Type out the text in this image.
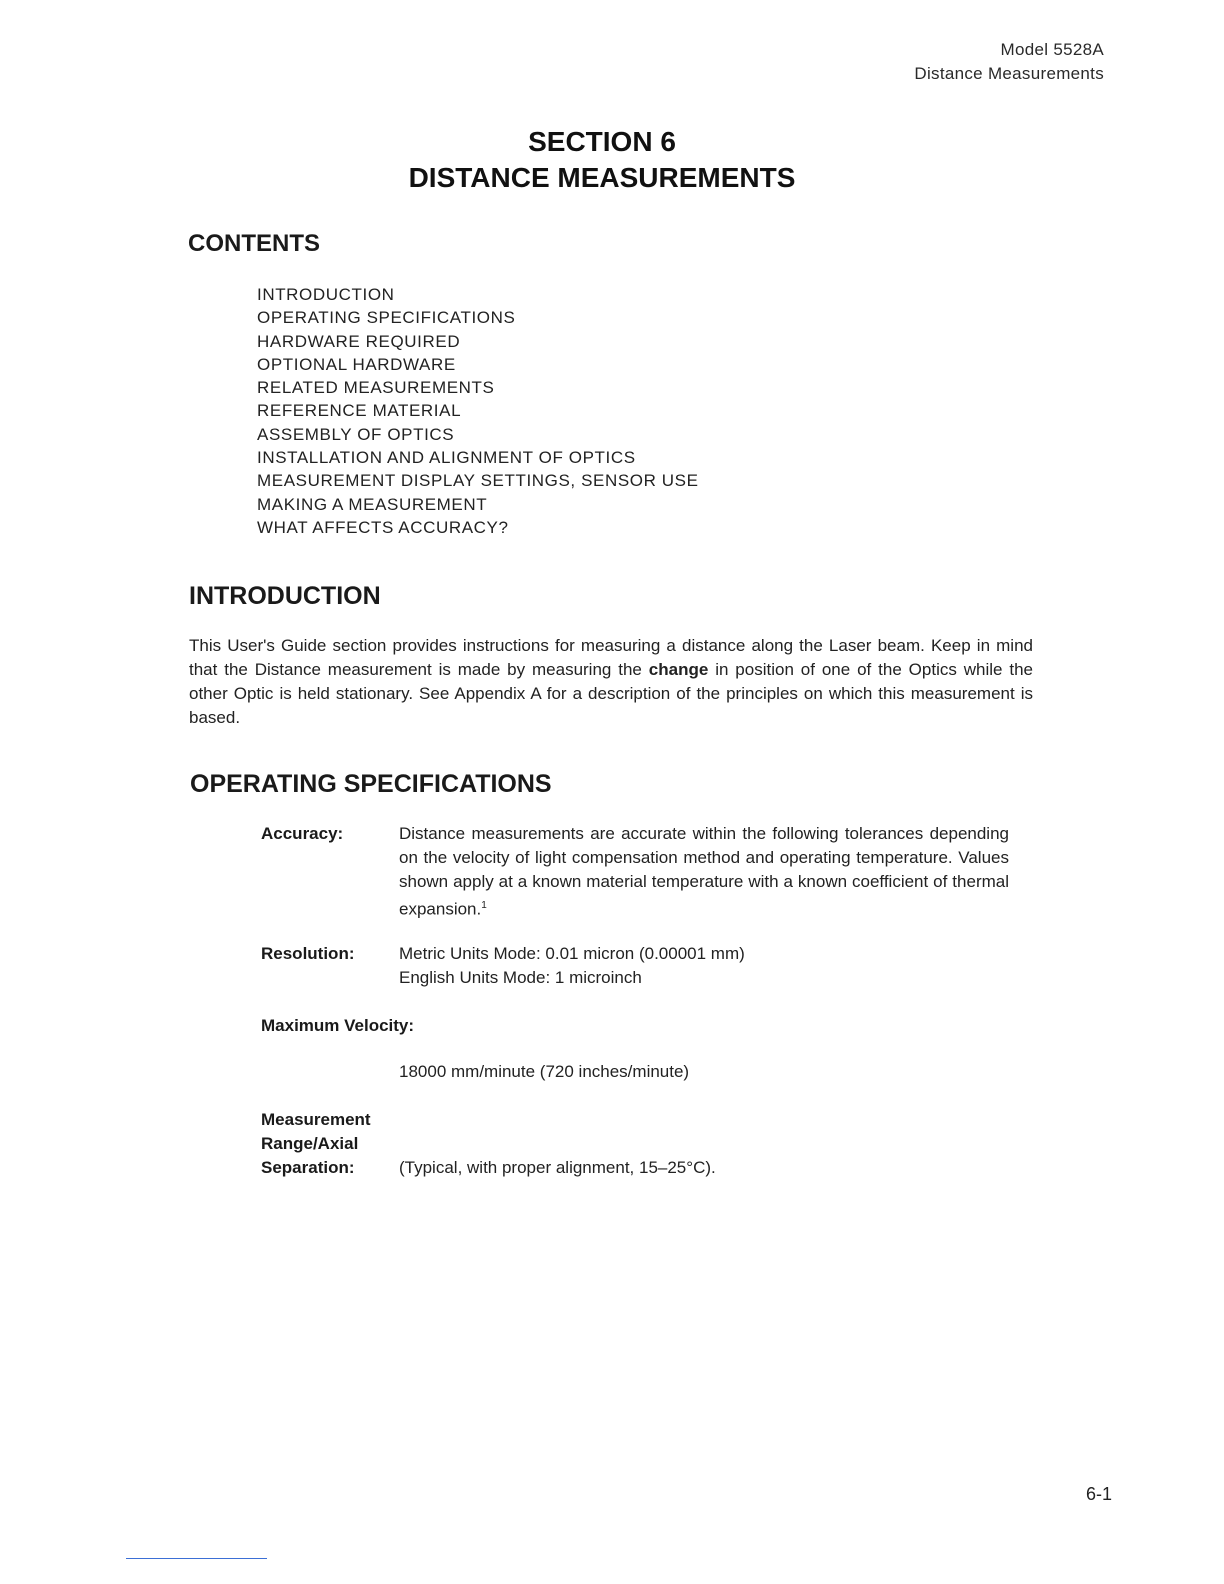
Model 5528A
Distance Measurements
SECTION 6
DISTANCE MEASUREMENTS
CONTENTS
INTRODUCTION
OPERATING SPECIFICATIONS
HARDWARE REQUIRED
OPTIONAL HARDWARE
RELATED MEASUREMENTS
REFERENCE MATERIAL
ASSEMBLY OF OPTICS
INSTALLATION AND ALIGNMENT OF OPTICS
MEASUREMENT DISPLAY SETTINGS, SENSOR USE
MAKING A MEASUREMENT
WHAT AFFECTS ACCURACY?
INTRODUCTION

This User's Guide section provides instructions for measuring a distance along the Laser beam. Keep in mind that the Distance measurement is made by measuring the change in position of one of the Optics while the other Optic is held stationary. See Appendix A for a description of the principles on which this measurement is based.

OPERATING SPECIFICATIONS
Accuracy:	Distance measurements are accurate within the following tolerances depending on the velocity of light compensation method and operating temperature. Values shown apply at a known material temperature with a known coefficient of thermal expansion.$^1$

Resolution:	Metric Units Mode: 0.01 micron (0.00001 mm)
English Units Mode: 1 microinch
Maximum Velocity:
18000 mm/minute (720 inches/minute)
Measurement
Range/Axial
Separation:	(Typical, with proper alignment, 15–25°C).
6-1
